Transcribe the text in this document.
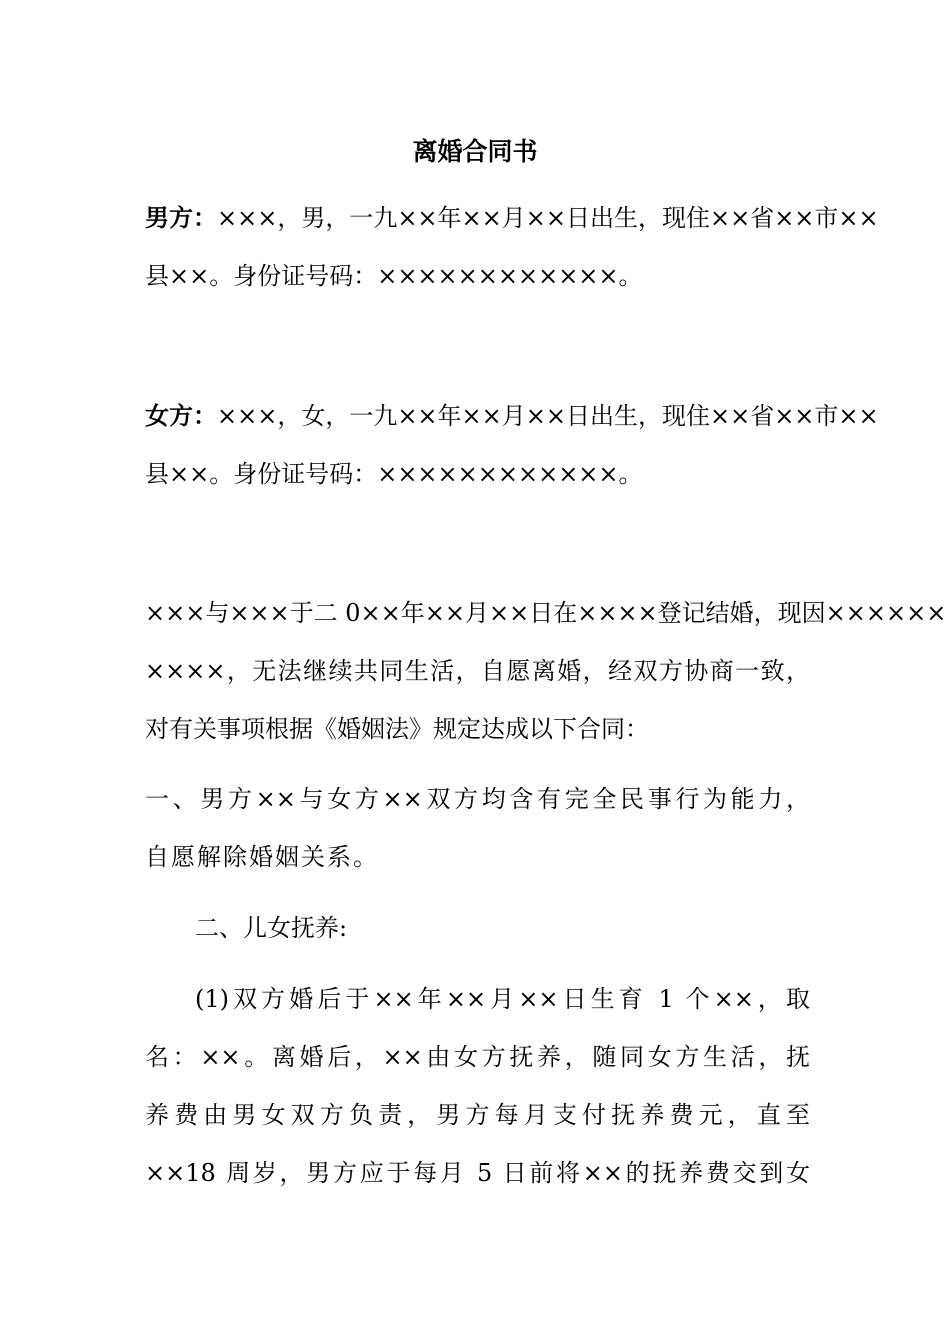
离婚合同书
男方：×××，男，一九××年××月××日出生，现住××省××市××
县××。身份证号码：××××××××××××。
女方：×××，女，一九××年××月××日出生，现住××省××市××
县××。身份证号码：××××××××××××。
×××与×××于二 0××年××月××日在××××登记结婚，现因××××××
××××，无法继续共同生活，自愿离婚，经双方协商一致，
对有关事项根据《婚姻法》规定达成以下合同：
一、男方××与女方××双方均含有完全民事行为能力，
自愿解除婚姻关系。
二、儿女抚养:
(1)双方婚后于××年××月××日生育 1 个××，取
名：××。离婚后，××由女方抚养，随同女方生活，抚
养费由男女双方负责，男方每月支付抚养费元，直至
××18 周岁，男方应于每月 5 日前将××的抚养费交到女
